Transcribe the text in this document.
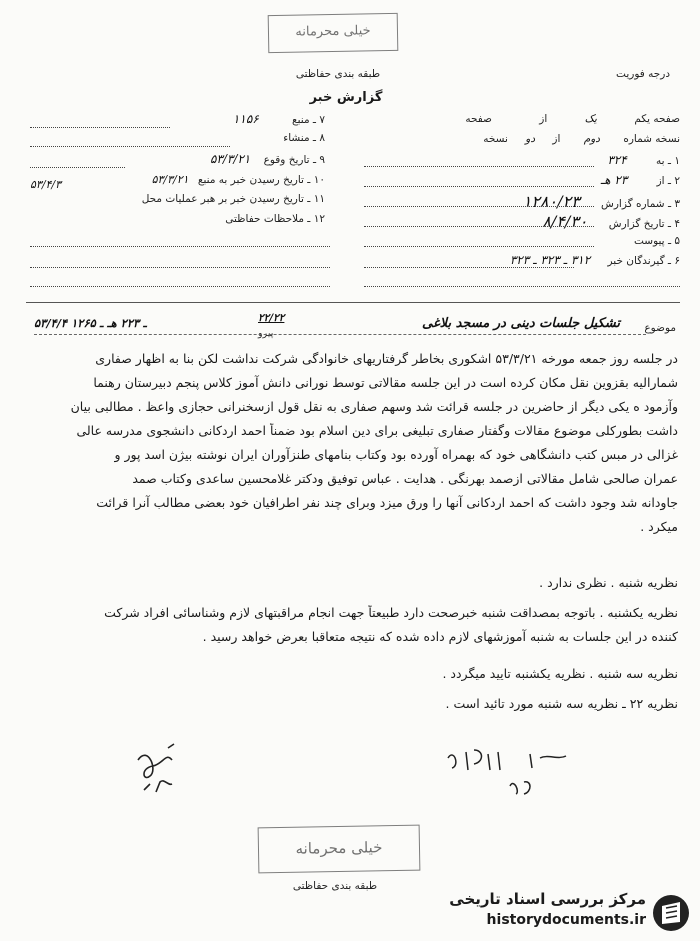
خیلی محرمانه
طبقه بندی حفاظتی	درجه فوریت
گزارش خبر
صفحه یکم یک از صفحه
نسخه شماره دوم از دو نسخه
۱ ـ به ۳۲۴
۲ ـ از ۲۳ هـ
۳ ـ شماره گزارش ۱۲۸۰/۲۳
۴ ـ تاریخ گزارش ۸/۴/۳۰
۵ ـ پیوست
۶ ـ گیرندگان خبر ۳۱۲ ـ ۳۲۳ ـ ۳۲۳
۷ ـ منبع ۱۱۵۶
۸ ـ منشاء
۹ ـ تاریخ وقوع ۵۳/۳/۲۱
۱۰ ـ تاریخ رسیدن خبر به منبع ۵۳/۳/۲۱
۱۱ ـ تاریخ رسیدن خبر بر هبر عملیات محل
۵۳/۴/۳
۱۲ ـ ملاحظات حفاظتی
موضوع
تشکیل جلسات دینی در مسجد بلاغی
۵۳/۴/۴ ـ ۲۲۳ هـ ـ ۱۲۶۵	۲۲/۲۲
پیرو
در جلسه روز جمعه مورخه ۵۳/۳/۲۱ اشکوری بخاطر گرفتاریهای خانوادگی شرکت نداشت لکن بنا به اظهار صفاری
شمارالیه بقزوین نقل مکان کرده است در این جلسه مقالاتی توسط نورانی دانش آموز کلاس پنجم دبیرستان رهنما
وآزمود ه یکی دیگر از حاضرین در جلسه قرائت شد وسهم صفاری به نقل قول ازسخنرانی حجازی واعظ . مطالبی بیان
داشت بطورکلی موضوع مقالات وگفتار صفاری تبلیغی برای دین اسلام بود ضمناً احمد اردکانی دانشجوی مدرسه عالی
غزالی در مبس کتب دانشگاهی خود که بهمراه آورده بود وکتاب بنامهای طنزآوران ایران نوشته بیژن اسد پور و
عمران صالحی شامل مقالاتی ازصمد بهرنگی . هدایت . عباس توفیق ودکتر غلامحسین ساعدی وکتاب صمد
جاودانه شد وجود داشت که احمد اردکانی آنها را ورق میزد وبرای چند نفر اطرافیان خود بعضی مطالب آنرا قرائت
میکرد .
نظریه شنبه . نظری ندارد .
نظریه یکشنبه . باتوجه بمصداقت شنبه خبرصحت دارد طبیعتاً جهت انجام مراقبتهای لازم وشناسائی افراد شرکت
کننده در این جلسات به شنبه آموزشهای لازم داده شده که نتیجه متعاقبا بعرض خواهد رسید .
نظریه سه شنبه . نظریه یکشنبه تایید میگردد .
نظریه ۲۲ ـ نظریه سه شنبه مورد تائید است .
خیلی محرمانه
طبقه بندی حفاظتی
مرکز بررسی اسناد تاریخی
historydocuments.ir
